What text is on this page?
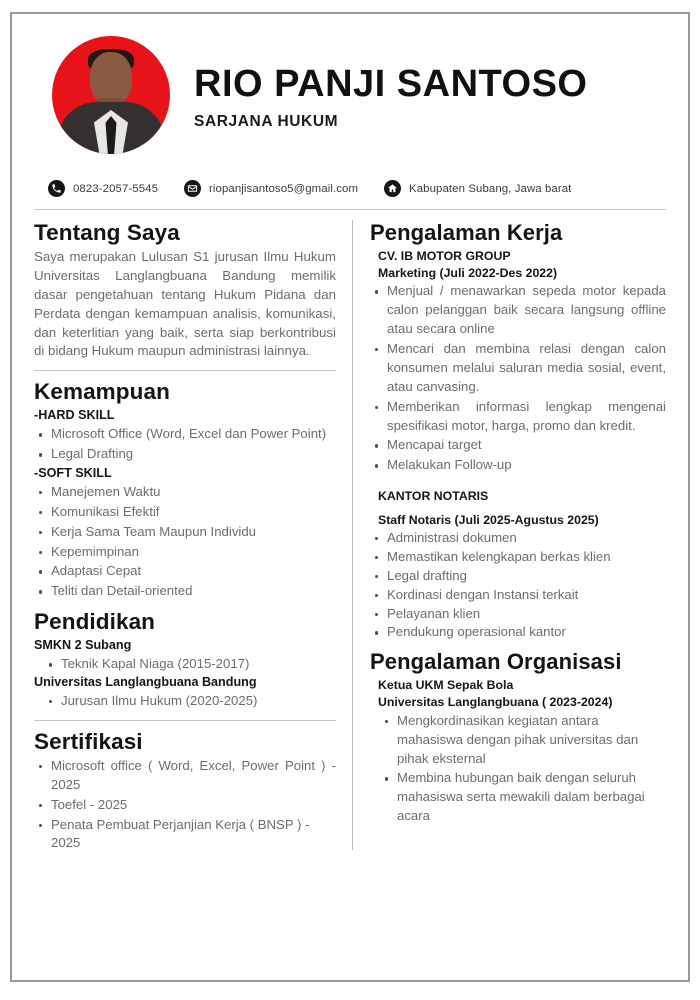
RIO PANJI SANTOSO
SARJANA HUKUM
0823-2057-5545	riopanjisantoso5@gmail.com	Kabupaten Subang, Jawa barat
Tentang Saya

Saya merupakan Lulusan S1 jurusan Ilmu Hukum Universitas Langlangbuana Bandung memilik dasar pengetahuan tentang Hukum Pidana dan Perdata dengan kemampuan analisis, komunikasi, dan keterlitian yang baik, serta siap berkontribusi di bidang Hukum maupun administrasi lainnya.

Kemampuan
-HARD SKILL
Microsoft Office (Word, Excel dan Power Point)
Legal Drafting
-SOFT SKILL
Manejemen Waktu
Komunikasi Efektif
Kerja Sama Team Maupun Individu
Kepemimpinan
Adaptasi Cepat
Teliti dan Detail-oriented
Pendidikan
SMKN 2 Subang
Teknik Kapal Niaga (2015-2017)
Universitas Langlangbuana Bandung
Jurusan Ilmu Hukum (2020-2025)
Sertifikasi
Microsoft office ( Word, Excel, Power Point ) - 2025
Toefel - 2025
Penata Pembuat Perjanjian Kerja ( BNSP ) - 2025
Pengalaman Kerja
CV. IB MOTOR GROUP
Marketing (Juli 2022-Des 2022)
Menjual / menawarkan sepeda motor kepada calon pelanggan baik secara langsung offline atau secara online
Mencari dan membina relasi dengan calon konsumen melalui saluran media sosial, event, atau canvasing.
Memberikan informasi lengkap mengenai spesifikasi motor, harga, promo dan kredit.
Mencapai target
Melakukan Follow-up
KANTOR NOTARIS
Staff Notaris (Juli 2025-Agustus 2025)
Administrasi dokumen
Memastikan kelengkapan berkas klien
Legal drafting
Kordinasi dengan Instansi terkait
Pelayanan klien
Pendukung operasional kantor
Pengalaman Organisasi
Ketua UKM Sepak Bola
Universitas Langlangbuana ( 2023-2024)
Mengkordinasikan kegiatan antara mahasiswa dengan pihak universitas dan pihak eksternal
Membina hubungan baik dengan seluruh mahasiswa serta mewakili dalam berbagai acara
